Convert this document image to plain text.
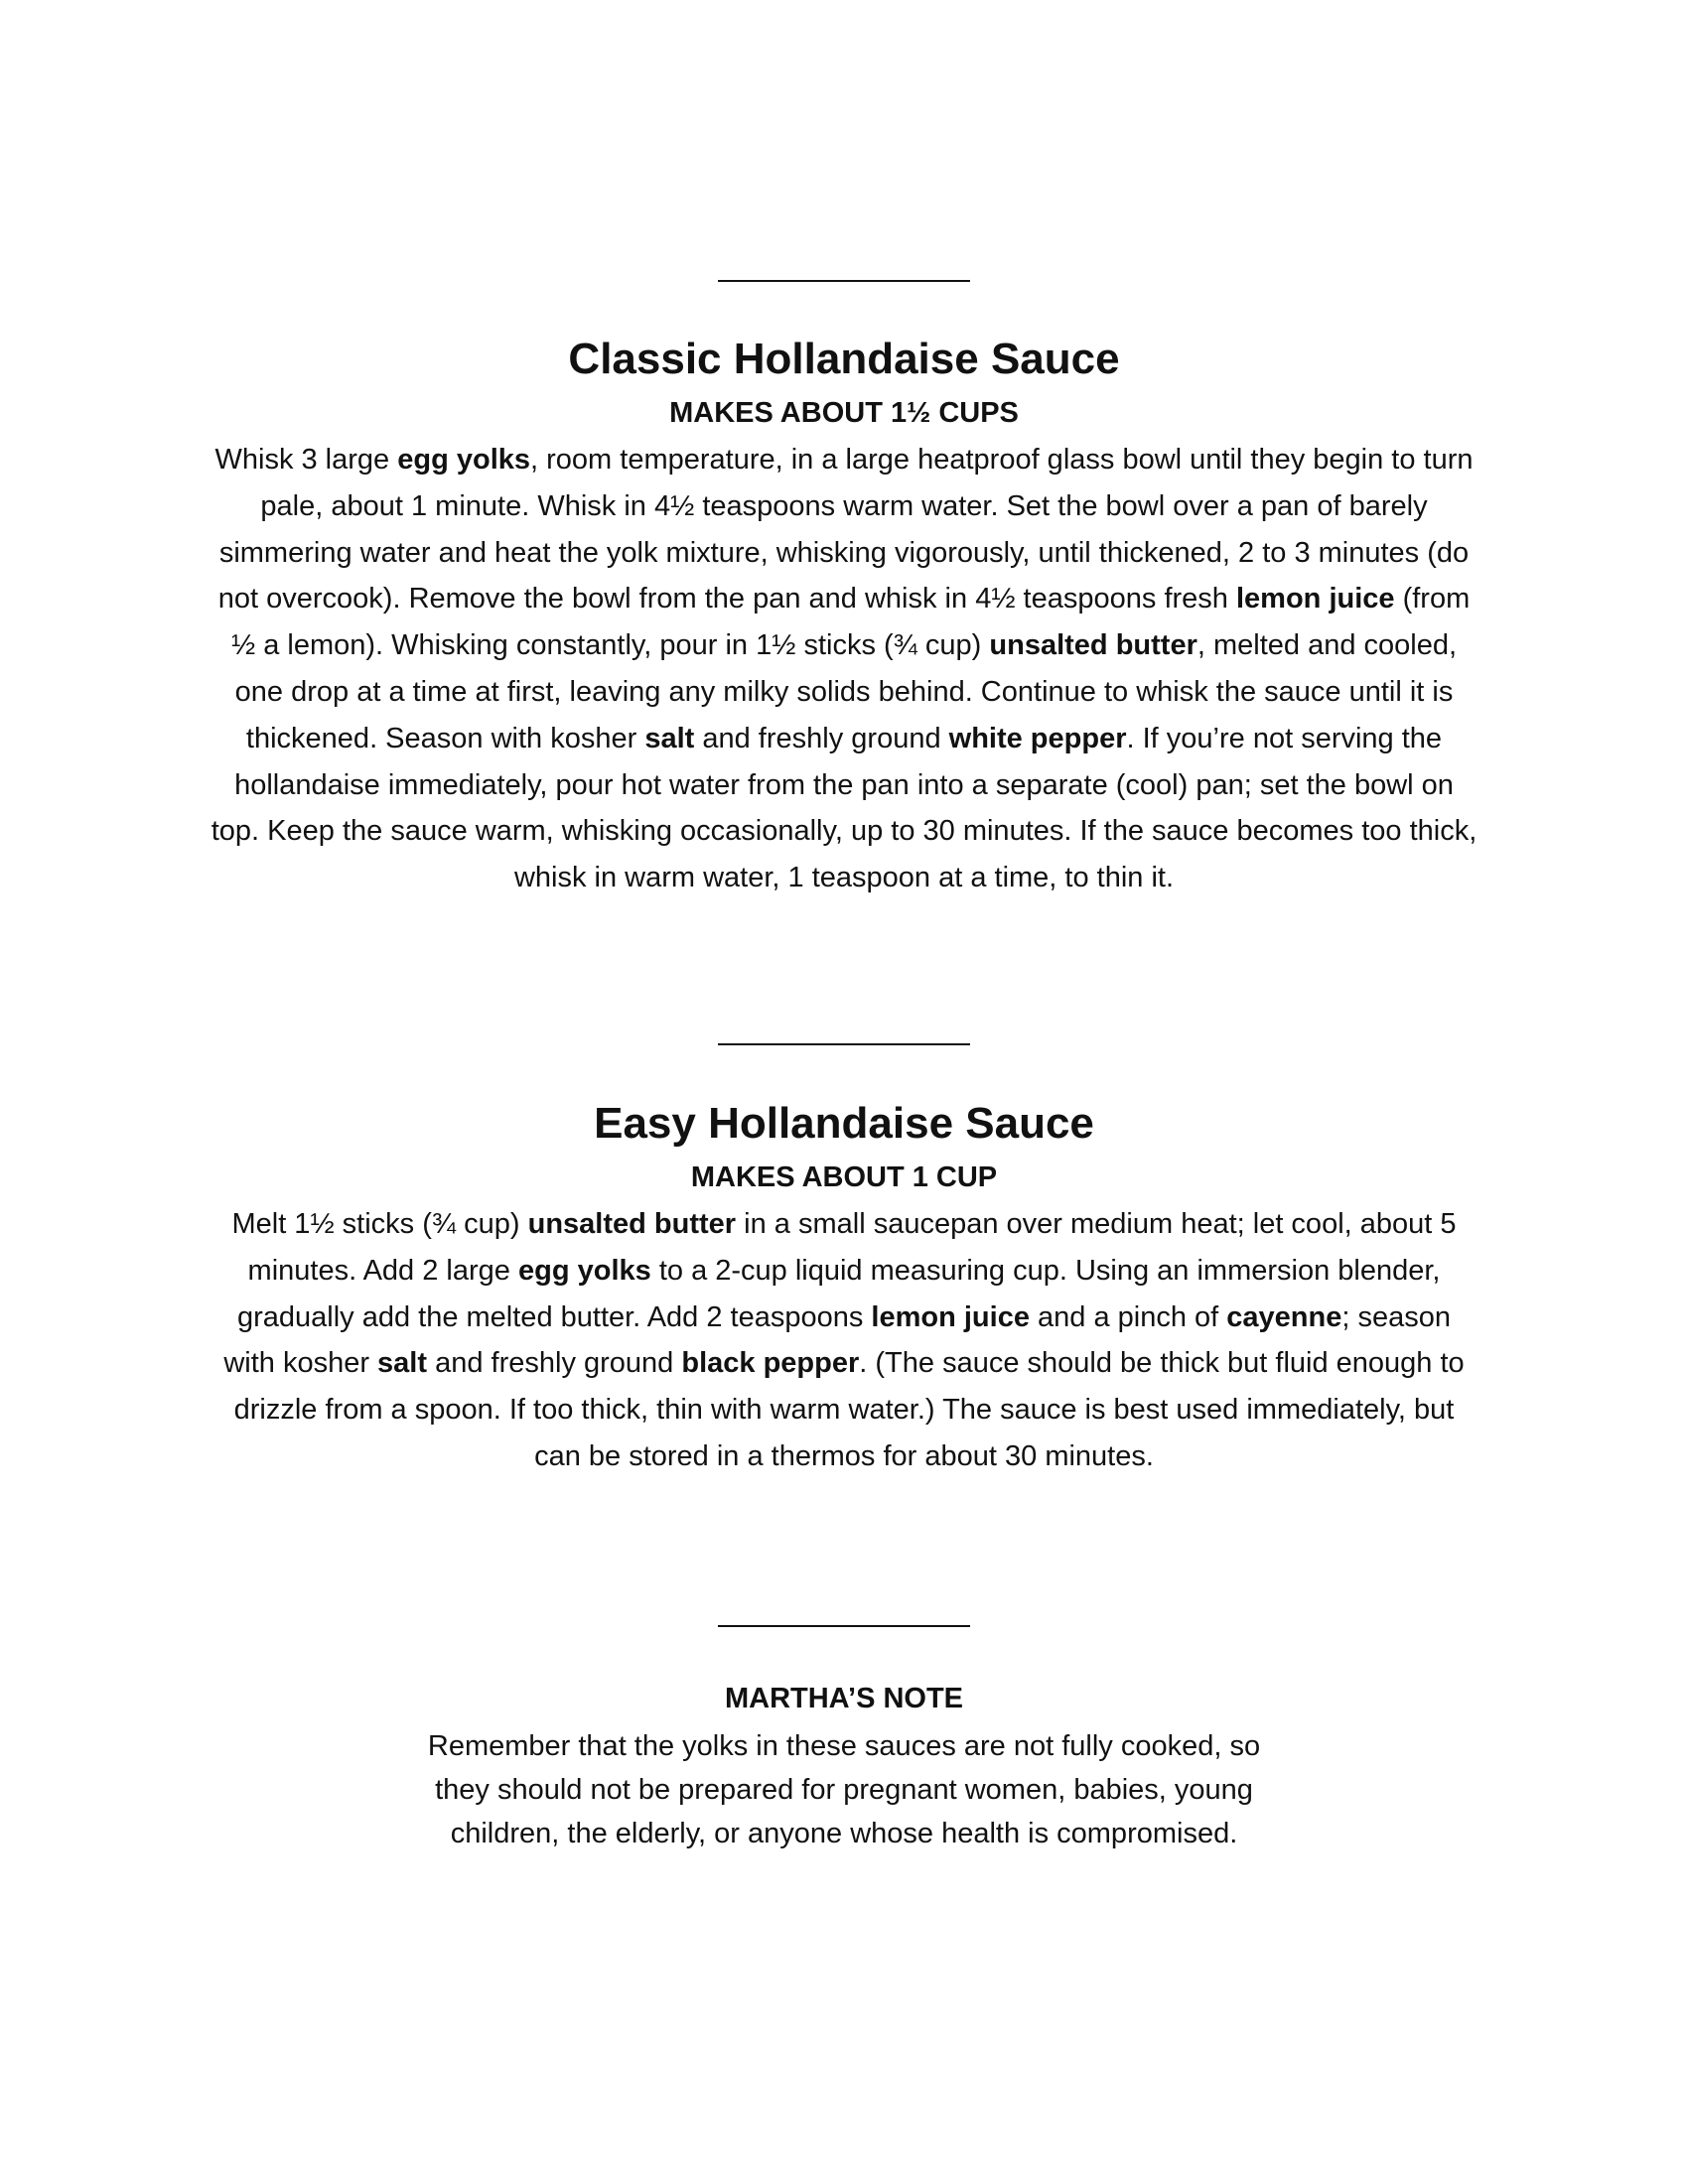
Classic Hollandaise Sauce
MAKES ABOUT 1½ CUPS

Whisk 3 large egg yolks, room temperature, in a large heatproof glass bowl until they begin to turn pale, about 1 minute. Whisk in 4½ teaspoons warm water. Set the bowl over a pan of barely simmering water and heat the yolk mixture, whisking vigorously, until thickened, 2 to 3 minutes (do not overcook). Remove the bowl from the pan and whisk in 4½ teaspoons fresh lemon juice (from ½ a lemon). Whisking constantly, pour in 1½ sticks (¾ cup) unsalted butter, melted and cooled, one drop at a time at first, leaving any milky solids behind. Continue to whisk the sauce until it is thickened. Season with kosher salt and freshly ground white pepper. If you’re not serving the hollandaise immediately, pour hot water from the pan into a separate (cool) pan; set the bowl on top. Keep the sauce warm, whisking occasionally, up to 30 minutes. If the sauce becomes too thick, whisk in warm water, 1 teaspoon at a time, to thin it.

Easy Hollandaise Sauce
MAKES ABOUT 1 CUP

Melt 1½ sticks (¾ cup) unsalted butter in a small saucepan over medium heat; let cool, about 5 minutes. Add 2 large egg yolks to a 2-cup liquid measuring cup. Using an immersion blender, gradually add the melted butter. Add 2 teaspoons lemon juice and a pinch of cayenne; season with kosher salt and freshly ground black pepper. (The sauce should be thick but fluid enough to drizzle from a spoon. If too thick, thin with warm water.) The sauce is best used immediately, but can be stored in a thermos for about 30 minutes.

MARTHA’S NOTE

Remember that the yolks in these sauces are not fully cooked, so they should not be prepared for pregnant women, babies, young children, the elderly, or anyone whose health is compromised.
